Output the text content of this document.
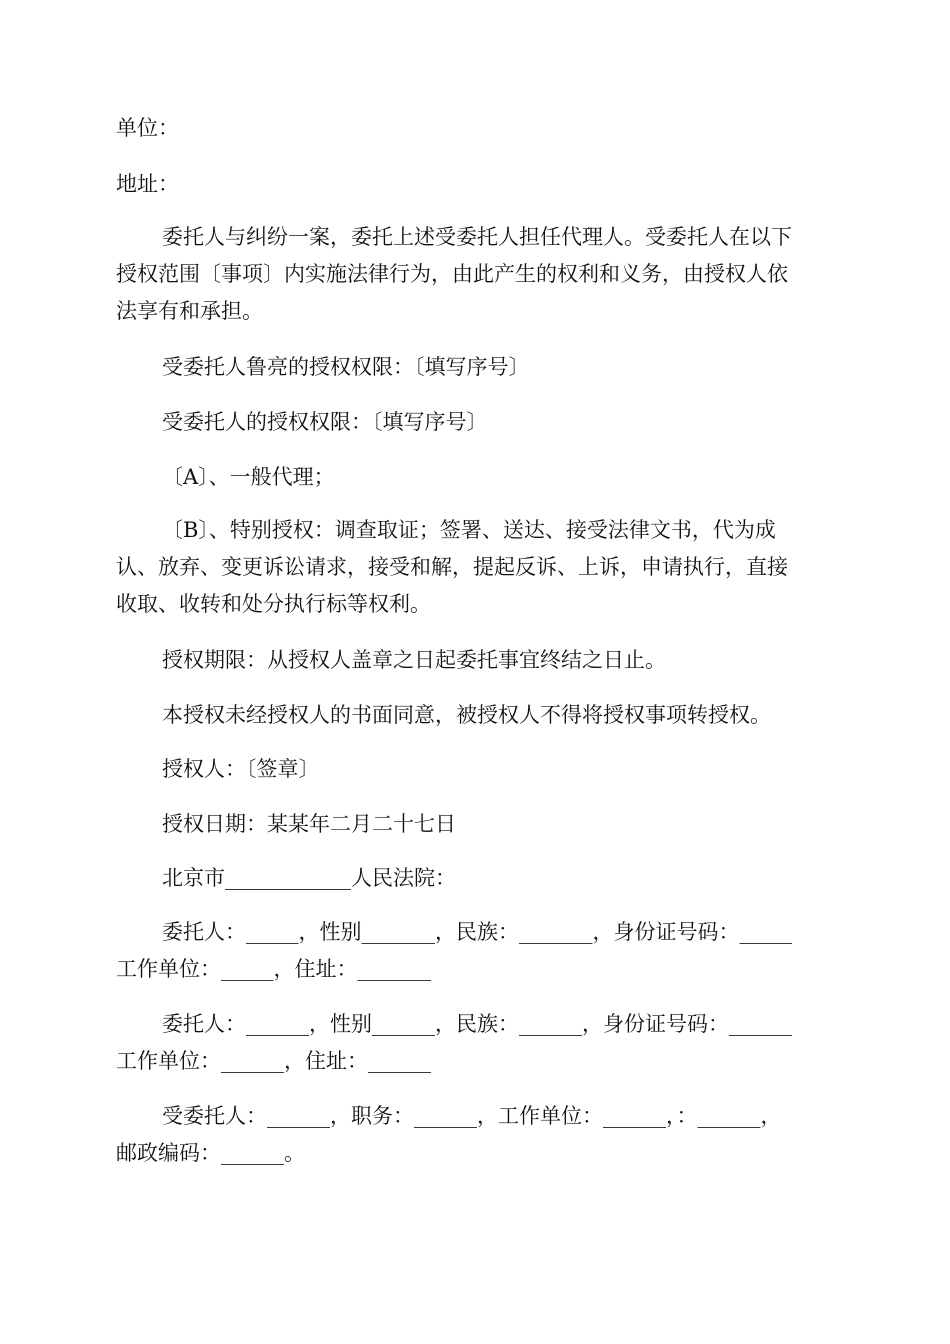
单位：
地址：
委托人与纠纷一案，委托上述受委托人担任代理人。受委托人在以下
授权范围〔事项〕内实施法律行为，由此产生的权利和义务，由授权人依
法享有和承担。
受委托人鲁亮的授权权限：〔填写序号〕
受委托人的授权权限：〔填写序号〕
〔A〕、一般代理；
〔B〕、特别授权：调查取证；签署、送达、接受法律文书，代为成
认、放弃、变更诉讼请求，接受和解，提起反诉、上诉，申请执行，直接
收取、收转和处分执行标等权利。
授权期限：从授权人盖章之日起委托事宜终结之日止。
本授权未经授权人的书面同意，被授权人不得将授权事项转授权。
授权人：〔签章〕
授权日期：某某年二月二十七日
北京市____________人民法院：
委托人：_____，性别_______，民族：_______，身份证号码：_____
工作单位：_____，住址：_______
委托人：______，性别______，民族：______，身份证号码：______
工作单位：______，住址：______
受委托人：______，职务：______，工作单位：______，：______，
邮政编码：______。
